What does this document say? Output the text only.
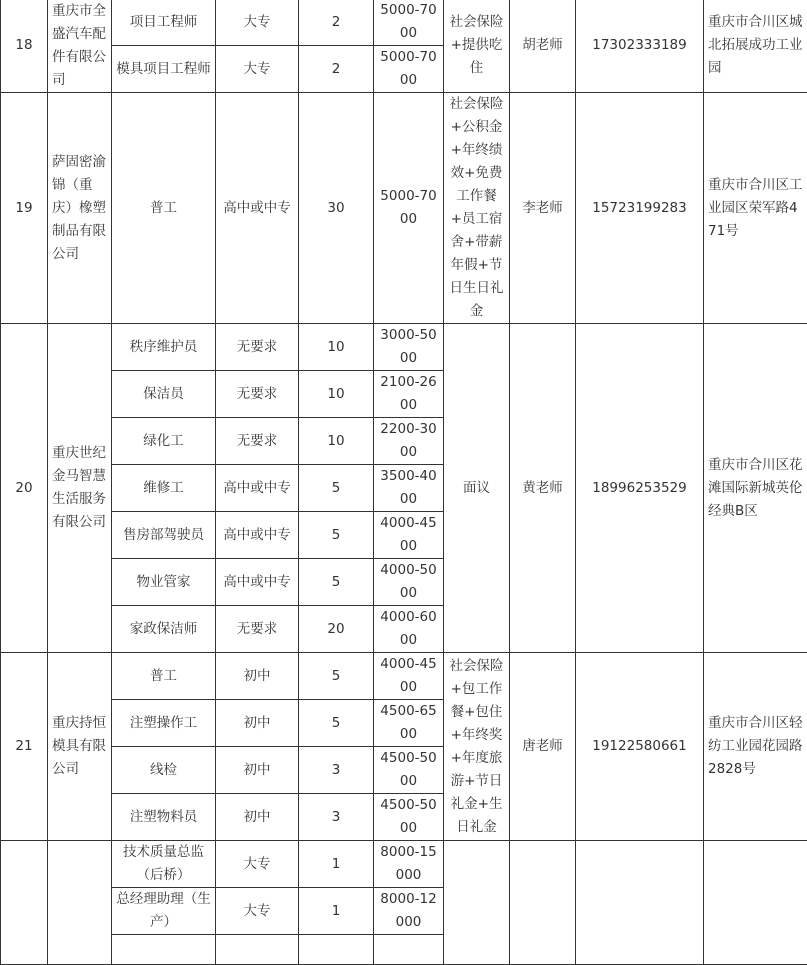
18	重庆市全盛汽车配件有限公司	项目工程师	大专	2	5000-7000	社会保险+提供吃住	胡老师	17302333189	重庆市合川区城北拓展成功工业园
		模具项目工程师	大专	2	5000-7000				
19	萨固密渝锦（重庆）橡塑制品有限公司	普工	高中或中专	30	5000-7000	社会保险+公积金+年终绩效+免费工作餐+员工宿舍+带薪年假+节日生日礼金	李老师	15723199283	重庆市合川区工业园区荣军路471号
20	重庆世纪金马智慧生活服务有限公司	秩序维护员	无要求	10	3000-5000	面议	黄老师	18996253529	重庆市合川区花滩国际新城英伦经典B区
		保洁员	无要求	10	2100-2600				
		绿化工	无要求	10	2200-3000				
		维修工	高中或中专	5	3500-4000				
		售房部驾驶员	高中或中专	5	4000-4500				
		物业管家	高中或中专	5	4000-5000				
		家政保洁师	无要求	20	4000-6000				
21	重庆持恒模具有限公司	普工	初中	5	4000-4500	社会保险+包工作餐+包住+年终奖+年度旅游+节日礼金+生日礼金	唐老师	19122580661	重庆市合川区轻纺工业园花园路2828号
		注塑操作工	初中	5	4500-6500				
		线检	初中	3	4500-5000				
		注塑物料员	初中	3	4500-5000				
		技术质量总监（后桥）	大专	1	8000-15000				
		总经理助理（生产）	大专	1	8000-12000				
